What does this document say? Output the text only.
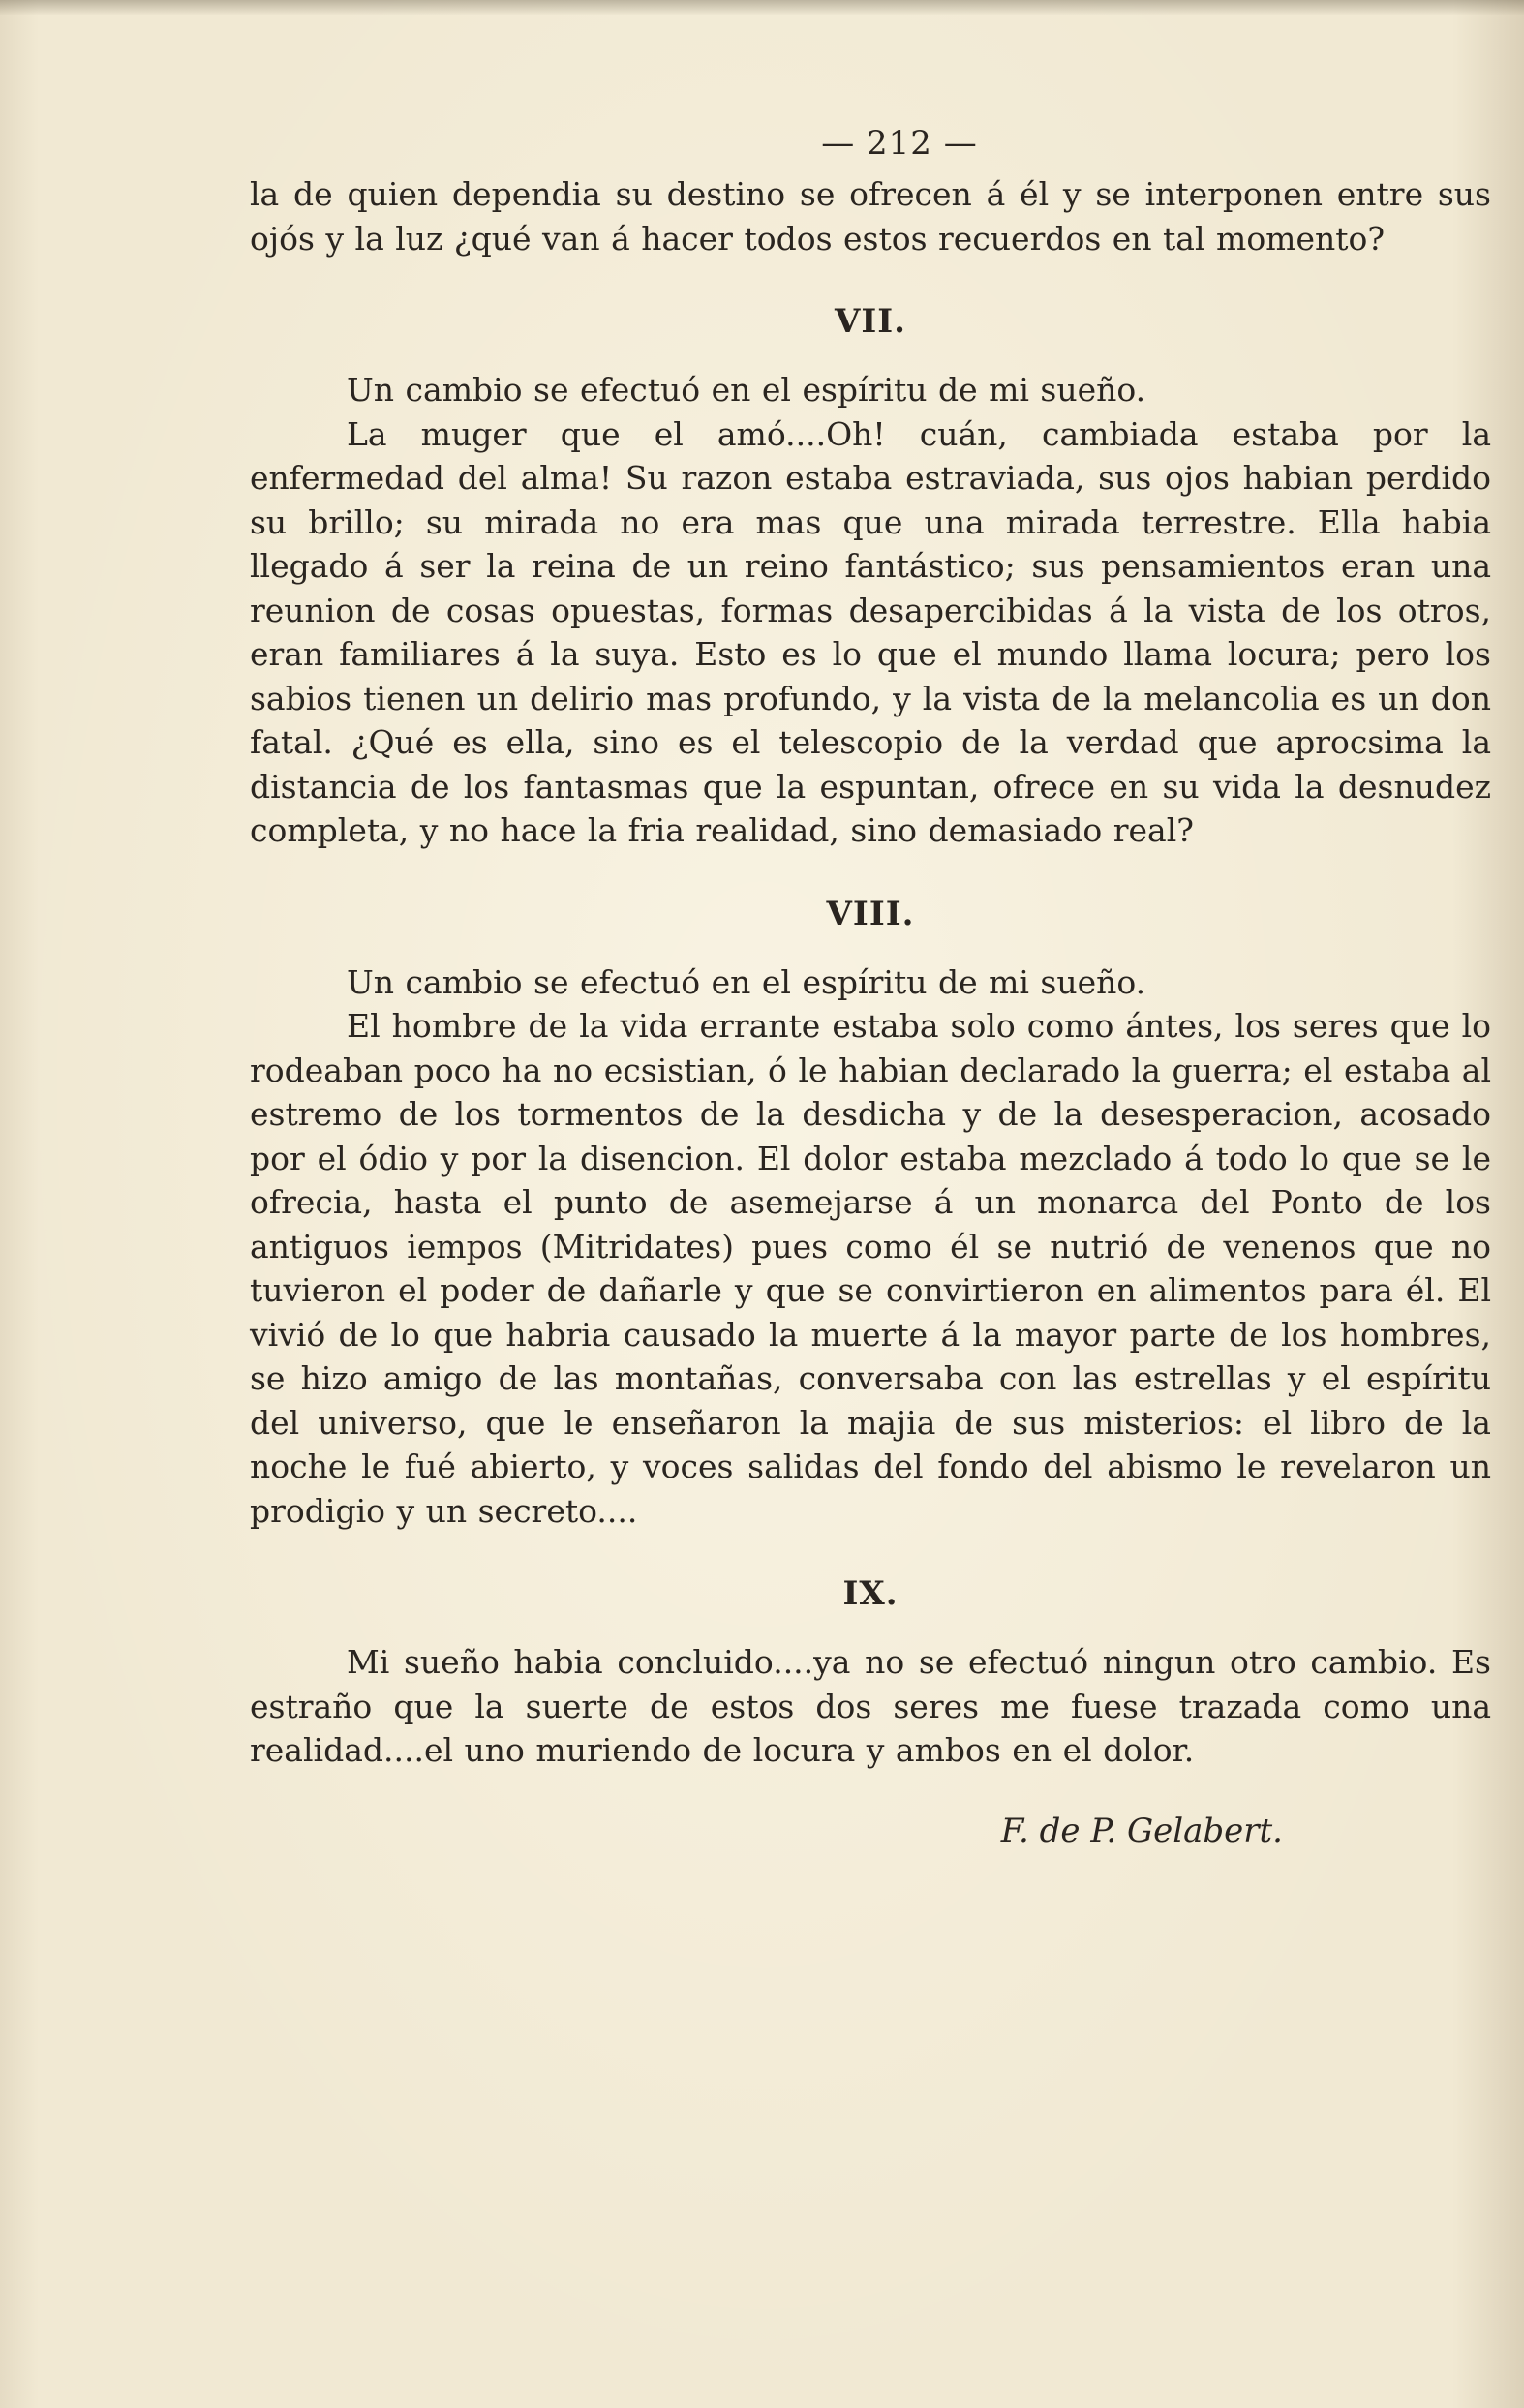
— 212 —

la de quien dependia su destino se ofrecen á él y se interponen entre sus ojós y la luz ¿qué van á hacer todos estos recuerdos en tal momento?

VII.

Un cambio se efectuó en el espíritu de mi sueño.

La muger que el amó....Oh! cuán, cambiada estaba por la enfermedad del alma! Su razon estaba estraviada, sus ojos habian perdido su brillo; su mirada no era mas que una mirada terrestre. Ella habia llegado á ser la reina de un reino fantástico; sus pensamientos eran una reunion de cosas opuestas, formas desapercibidas á la vista de los otros, eran familiares á la suya. Esto es lo que el mundo llama locura; pero los sabios tienen un delirio mas profundo, y la vista de la melancolia es un don fatal. ¿Qué es ella, sino es el telescopio de la verdad que aprocsima la distancia de los fantasmas que la espuntan, ofrece en su vida la desnudez completa, y no hace la fria realidad, sino demasiado real?

VIII.

Un cambio se efectuó en el espíritu de mi sueño.

El hombre de la vida errante estaba solo como ántes, los seres que lo rodeaban poco ha no ecsistian, ó le habian declarado la guerra; el estaba al estremo de los tormentos de la desdicha y de la desesperacion, acosado por el ódio y por la disencion. El dolor estaba mezclado á todo lo que se le ofrecia, hasta el punto de asemejarse á un monarca del Ponto de los antiguos iempos (Mitridates) pues como él se nutrió de venenos que no tuvieron el poder de dañarle y que se convirtieron en alimentos para él. El vivió de lo que habria causado la muerte á la mayor parte de los hombres, se hizo amigo de las montañas, conversaba con las estrellas y el espíritu del universo, que le enseñaron la majia de sus misterios: el libro de la noche le fué abierto, y voces salidas del fondo del abismo le revelaron un prodigio y un secreto....

IX.

Mi sueño habia concluido....ya no se efectuó ningun otro cambio. Es estraño que la suerte de estos dos seres me fuese trazada como una realidad....el uno muriendo de locura y ambos en el dolor.

F. de P. Gelabert.
